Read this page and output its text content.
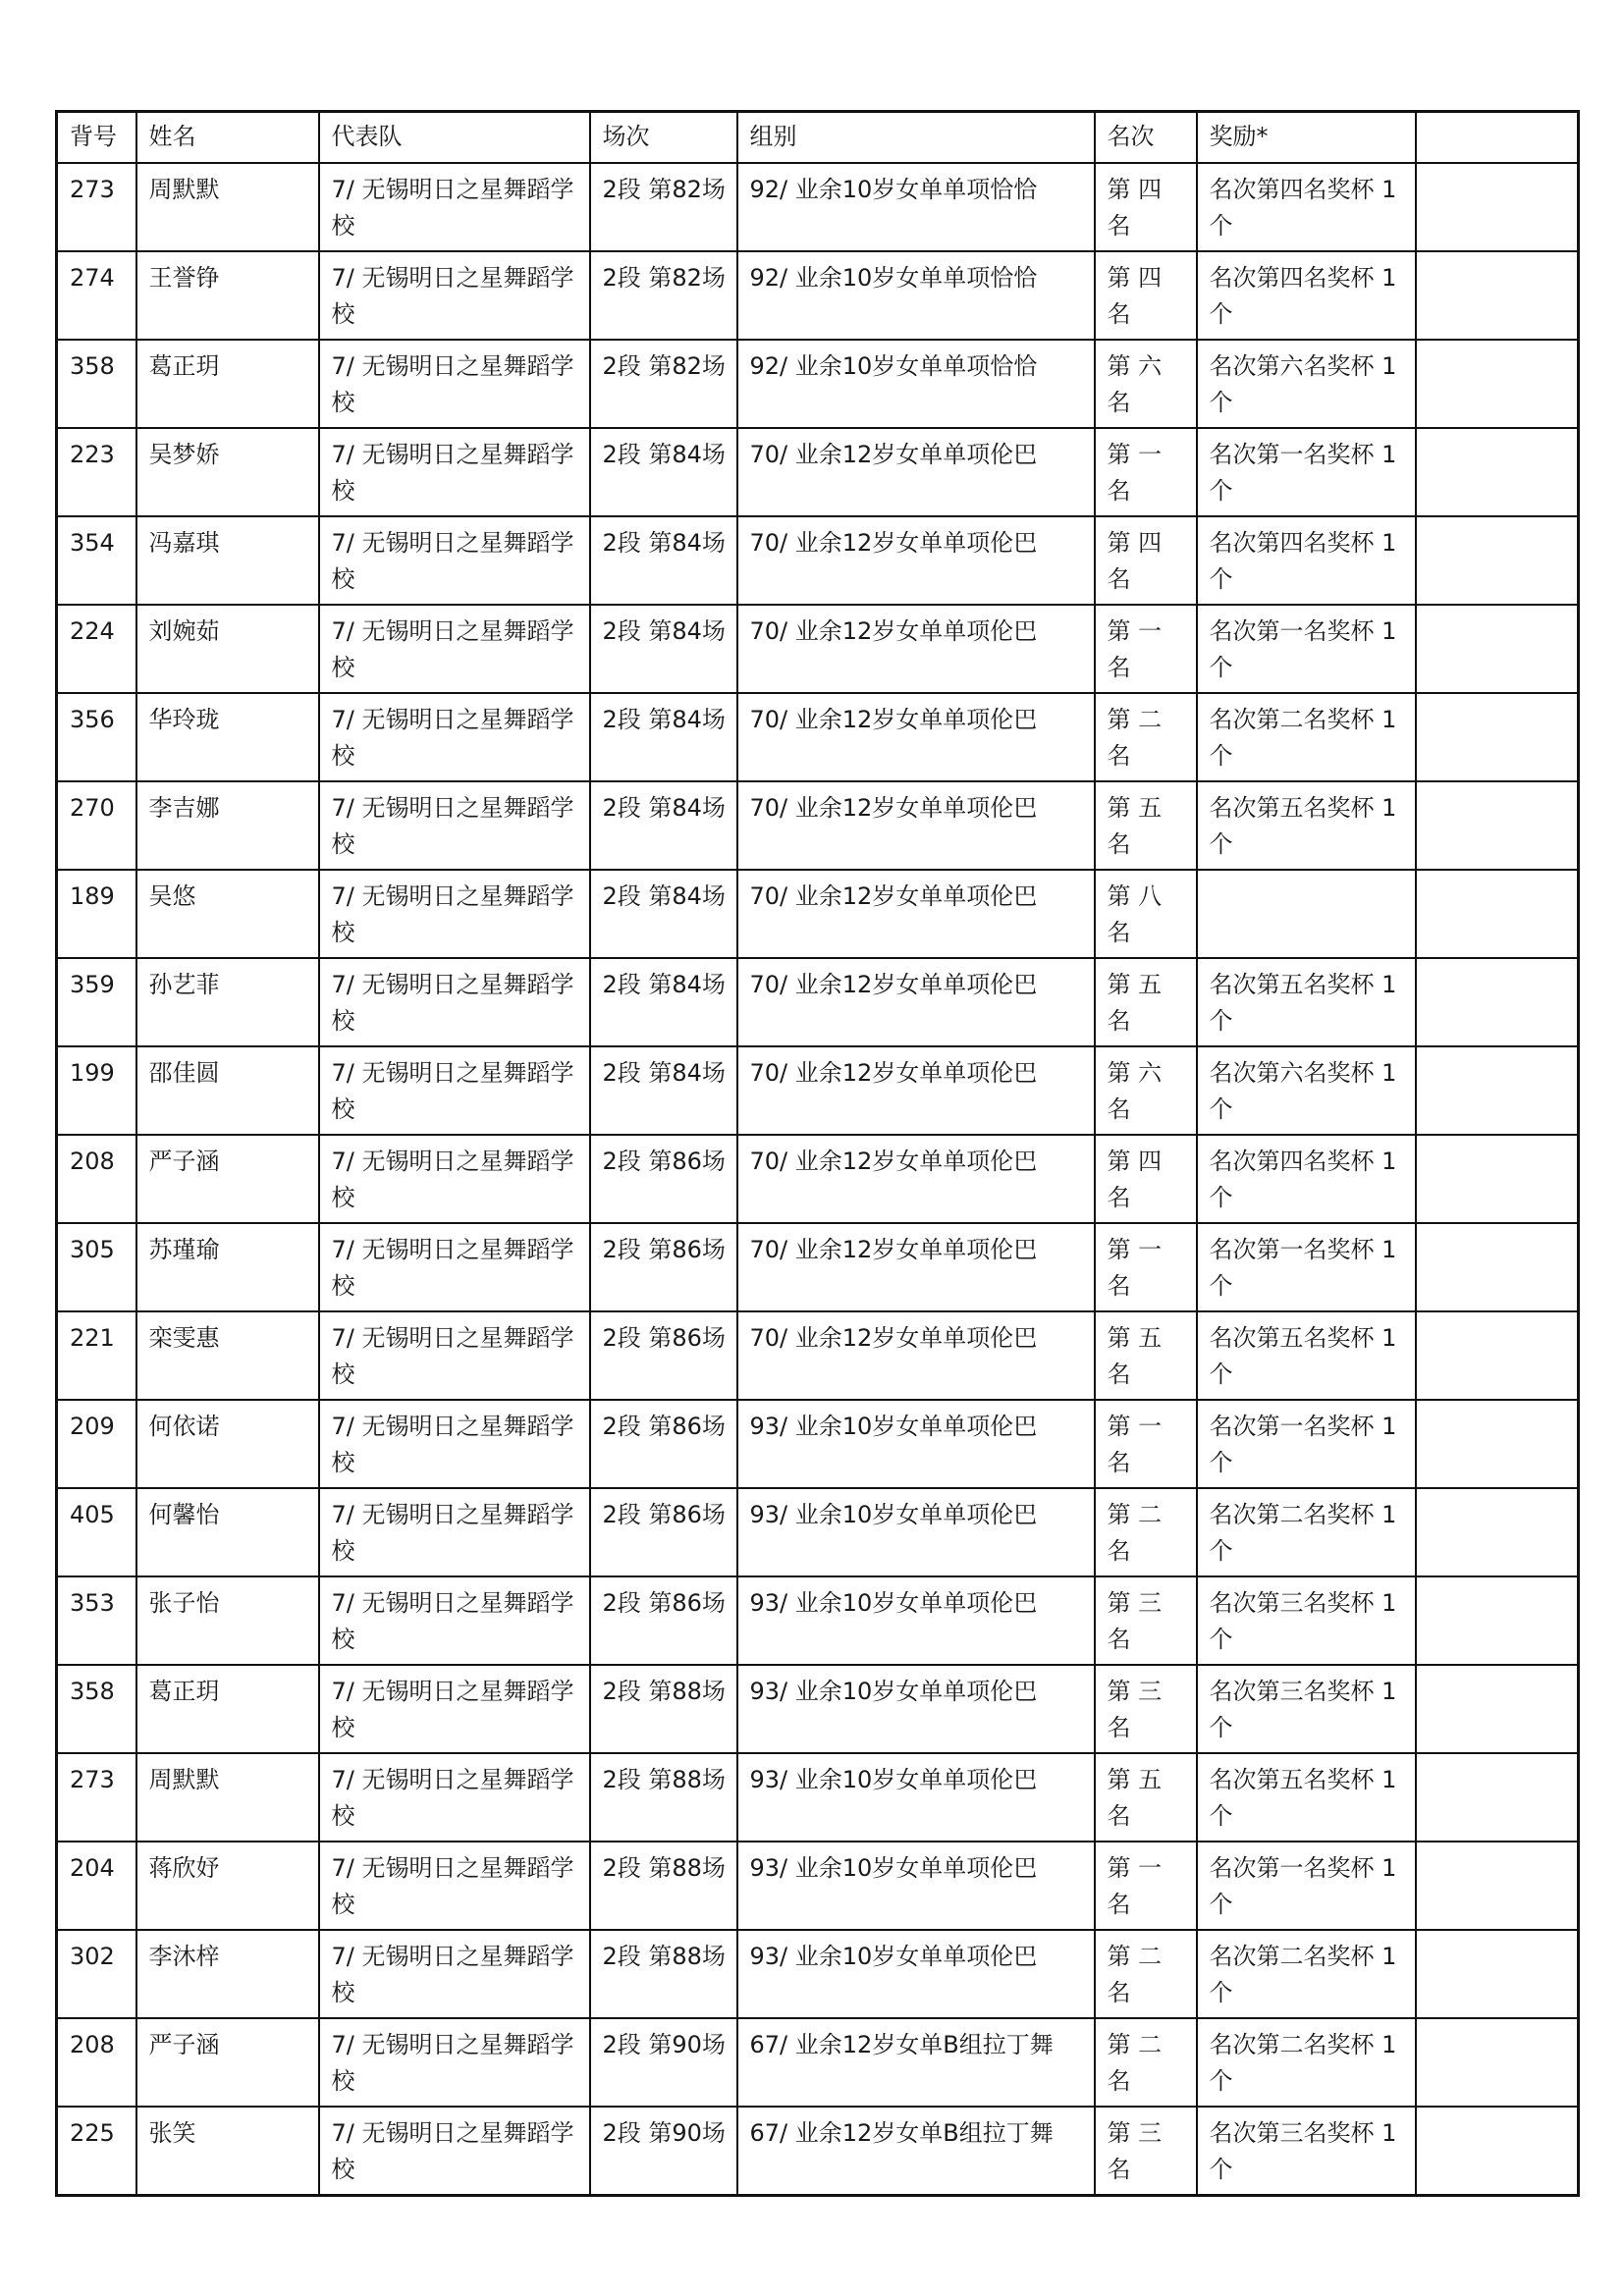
背号	姓名	代表队	场次	组别	名次	奖励*	
273	周默默	7/ 无锡明日之星舞蹈学校	2段 第82场	92/ 业余10岁女单单项恰恰	第 四 名	名次第四名奖杯 1 个	
274	王誉铮	7/ 无锡明日之星舞蹈学校	2段 第82场	92/ 业余10岁女单单项恰恰	第 四 名	名次第四名奖杯 1 个	
358	葛正玥	7/ 无锡明日之星舞蹈学校	2段 第82场	92/ 业余10岁女单单项恰恰	第 六 名	名次第六名奖杯 1 个	
223	吴梦娇	7/ 无锡明日之星舞蹈学校	2段 第84场	70/ 业余12岁女单单项伦巴	第 一 名	名次第一名奖杯 1 个	
354	冯嘉琪	7/ 无锡明日之星舞蹈学校	2段 第84场	70/ 业余12岁女单单项伦巴	第 四 名	名次第四名奖杯 1 个	
224	刘婉茹	7/ 无锡明日之星舞蹈学校	2段 第84场	70/ 业余12岁女单单项伦巴	第 一 名	名次第一名奖杯 1 个	
356	华玲珑	7/ 无锡明日之星舞蹈学校	2段 第84场	70/ 业余12岁女单单项伦巴	第 二 名	名次第二名奖杯 1 个	
270	李吉娜	7/ 无锡明日之星舞蹈学校	2段 第84场	70/ 业余12岁女单单项伦巴	第 五 名	名次第五名奖杯 1 个	
189	吴悠	7/ 无锡明日之星舞蹈学校	2段 第84场	70/ 业余12岁女单单项伦巴	第 八 名		
359	孙艺菲	7/ 无锡明日之星舞蹈学校	2段 第84场	70/ 业余12岁女单单项伦巴	第 五 名	名次第五名奖杯 1 个	
199	邵佳圆	7/ 无锡明日之星舞蹈学校	2段 第84场	70/ 业余12岁女单单项伦巴	第 六 名	名次第六名奖杯 1 个	
208	严子涵	7/ 无锡明日之星舞蹈学校	2段 第86场	70/ 业余12岁女单单项伦巴	第 四 名	名次第四名奖杯 1 个	
305	苏瑾瑜	7/ 无锡明日之星舞蹈学校	2段 第86场	70/ 业余12岁女单单项伦巴	第 一 名	名次第一名奖杯 1 个	
221	栾雯惠	7/ 无锡明日之星舞蹈学校	2段 第86场	70/ 业余12岁女单单项伦巴	第 五 名	名次第五名奖杯 1 个	
209	何依诺	7/ 无锡明日之星舞蹈学校	2段 第86场	93/ 业余10岁女单单项伦巴	第 一 名	名次第一名奖杯 1 个	
405	何馨怡	7/ 无锡明日之星舞蹈学校	2段 第86场	93/ 业余10岁女单单项伦巴	第 二 名	名次第二名奖杯 1 个	
353	张子怡	7/ 无锡明日之星舞蹈学校	2段 第86场	93/ 业余10岁女单单项伦巴	第 三 名	名次第三名奖杯 1 个	
358	葛正玥	7/ 无锡明日之星舞蹈学校	2段 第88场	93/ 业余10岁女单单项伦巴	第 三 名	名次第三名奖杯 1 个	
273	周默默	7/ 无锡明日之星舞蹈学校	2段 第88场	93/ 业余10岁女单单项伦巴	第 五 名	名次第五名奖杯 1 个	
204	蒋欣妤	7/ 无锡明日之星舞蹈学校	2段 第88场	93/ 业余10岁女单单项伦巴	第 一 名	名次第一名奖杯 1 个	
302	李沐梓	7/ 无锡明日之星舞蹈学校	2段 第88场	93/ 业余10岁女单单项伦巴	第 二 名	名次第二名奖杯 1 个	
208	严子涵	7/ 无锡明日之星舞蹈学校	2段 第90场	67/ 业余12岁女单B组拉丁舞	第 二 名	名次第二名奖杯 1 个	
225	张笑	7/ 无锡明日之星舞蹈学校	2段 第90场	67/ 业余12岁女单B组拉丁舞	第 三 名	名次第三名奖杯 1 个	
